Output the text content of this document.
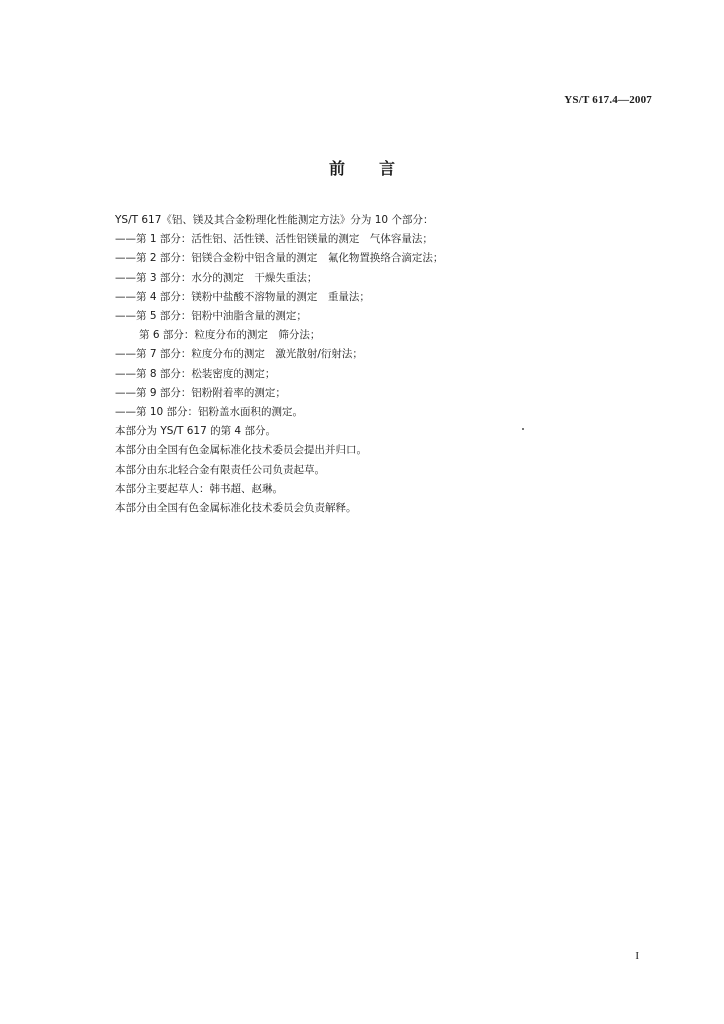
YS/T 617.4—2007
前言
YS/T 617《铝、镁及其合金粉理化性能测定方法》分为 10 个部分：
——第 1 部分：活性铝、活性镁、活性铝镁量的测定　气体容量法；
——第 2 部分：铝镁合金粉中铝含量的测定　氟化物置换络合滴定法；
——第 3 部分：水分的测定　干燥失重法；
——第 4 部分：镁粉中盐酸不溶物量的测定　重量法；
——第 5 部分：铝粉中油脂含量的测定；
第 6 部分：粒度分布的测定　筛分法；
——第 7 部分：粒度分布的测定　激光散射/衍射法；
——第 8 部分：松装密度的测定；
——第 9 部分：铝粉附着率的测定；
——第 10 部分：铝粉盖水面积的测定。
本部分为 YS/T 617 的第 4 部分。
本部分由全国有色金属标准化技术委员会提出并归口。
本部分由东北轻合金有限责任公司负责起草。
本部分主要起草人：韩书超、赵琳。
本部分由全国有色金属标准化技术委员会负责解释。
I
